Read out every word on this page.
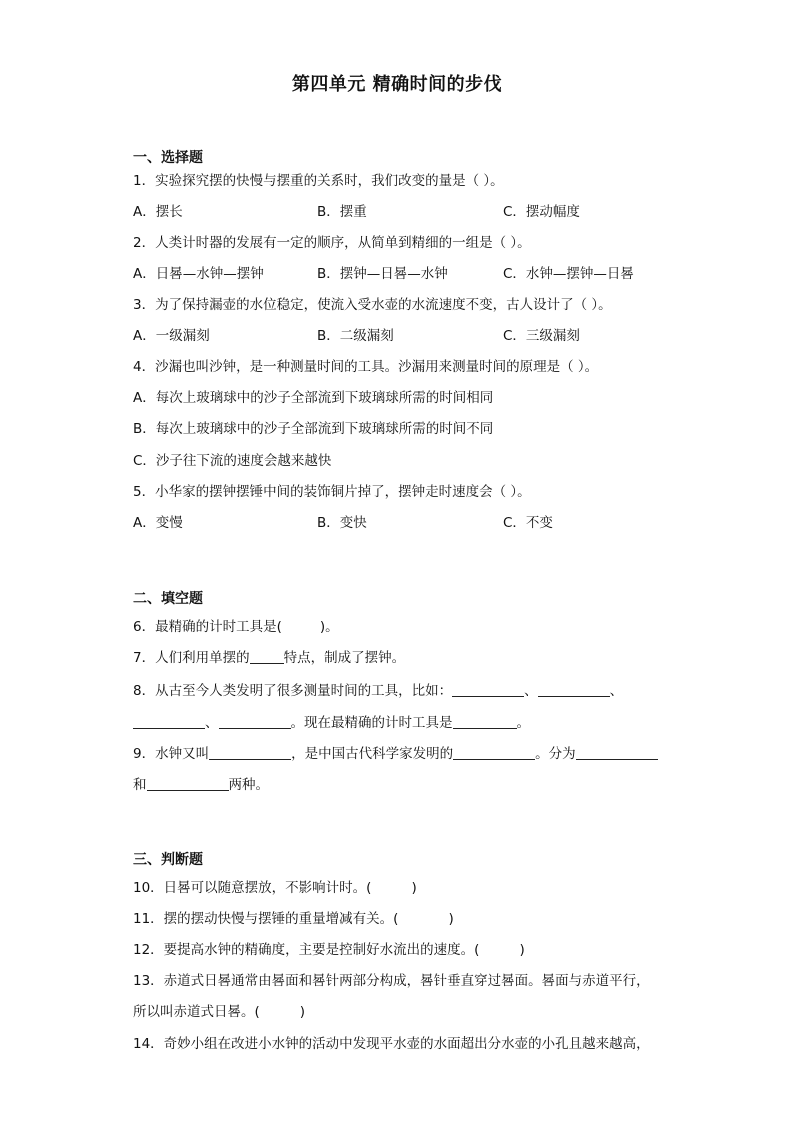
第四单元 精确时间的步伐
一、选择题
1．实验探究摆的快慢与摆重的关系时，我们改变的量是（ ）。
A．摆长	B．摆重	C．摆动幅度
2．人类计时器的发展有一定的顺序，从简单到精细的一组是（ ）。
A．日晷—水钟—摆钟	B．摆钟—日晷—水钟	C．水钟—摆钟—日晷
3．为了保持漏壶的水位稳定，使流入受水壶的水流速度不变，古人设计了（ ）。
A．一级漏刻	B．二级漏刻	C．三级漏刻
4．沙漏也叫沙钟，是一种测量时间的工具。沙漏用来测量时间的原理是（ ）。
A．每次上玻璃球中的沙子全部流到下玻璃球所需的时间相同
B．每次上玻璃球中的沙子全部流到下玻璃球所需的时间不同
C．沙子往下流的速度会越来越快
5．小华家的摆钟摆锤中间的装饰铜片掉了，摆钟走时速度会（ ）。
A．变慢	B．变快	C．不变
二、填空题
6．最精确的计时工具是(	)。
7．人们利用单摆的	特点，制成了摆钟。
8．从古至今人类发明了很多测量时间的工具，比如：	、	、
、	。现在最精确的计时工具是	。
9．水钟又叫	，是中国古代科学家发明的	。分为
和	两种。
三、判断题
10．日晷可以随意摆放，不影响计时。(	)
11．摆的摆动快慢与摆锤的重量增减有关。(	)
12．要提高水钟的精确度，主要是控制好水流出的速度。(	)
13．赤道式日晷通常由晷面和晷针两部分构成，晷针垂直穿过晷面。晷面与赤道平行，
所以叫赤道式日晷。(	)
14．奇妙小组在改进小水钟的活动中发现平水壶的水面超出分水壶的小孔且越来越高，
